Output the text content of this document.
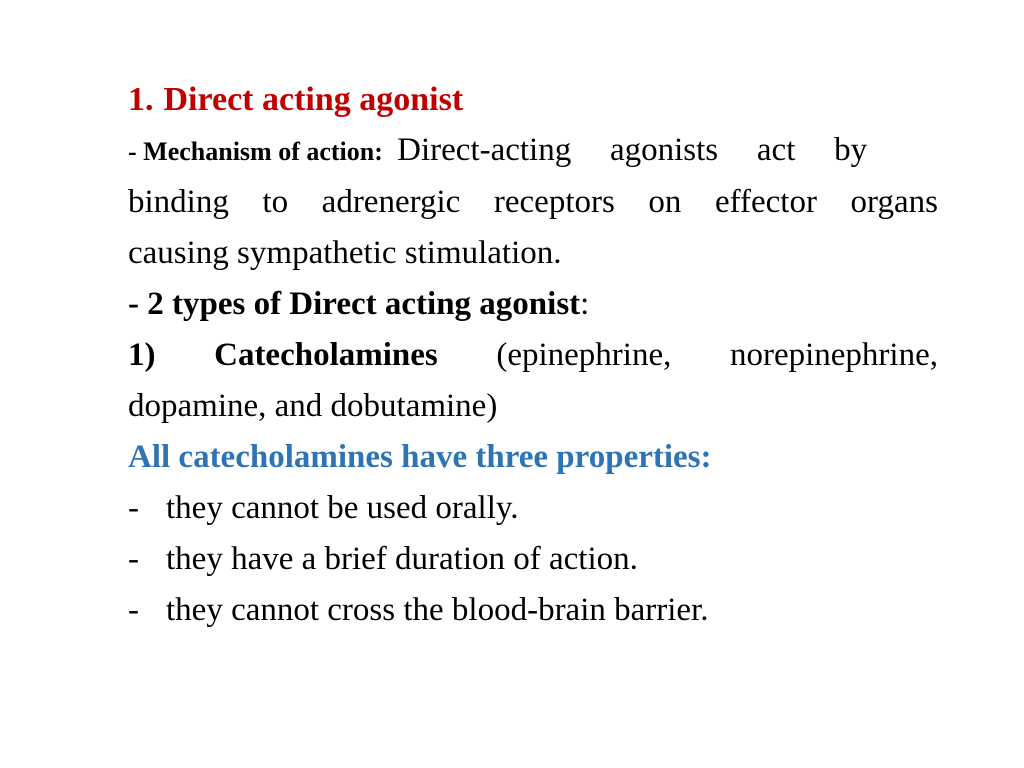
1. Direct acting agonist
- Mechanism of action: Direct-acting agonists act by
binding to adrenergic receptors on effector organs
causing sympathetic stimulation.
- 2 types of Direct acting agonist:
1) Catecholamines (epinephrine, norepinephrine,
dopamine, and dobutamine)
All catecholamines have three properties:
- they cannot be used orally.
- they have a brief duration of action.
- they cannot cross the blood-brain barrier.
